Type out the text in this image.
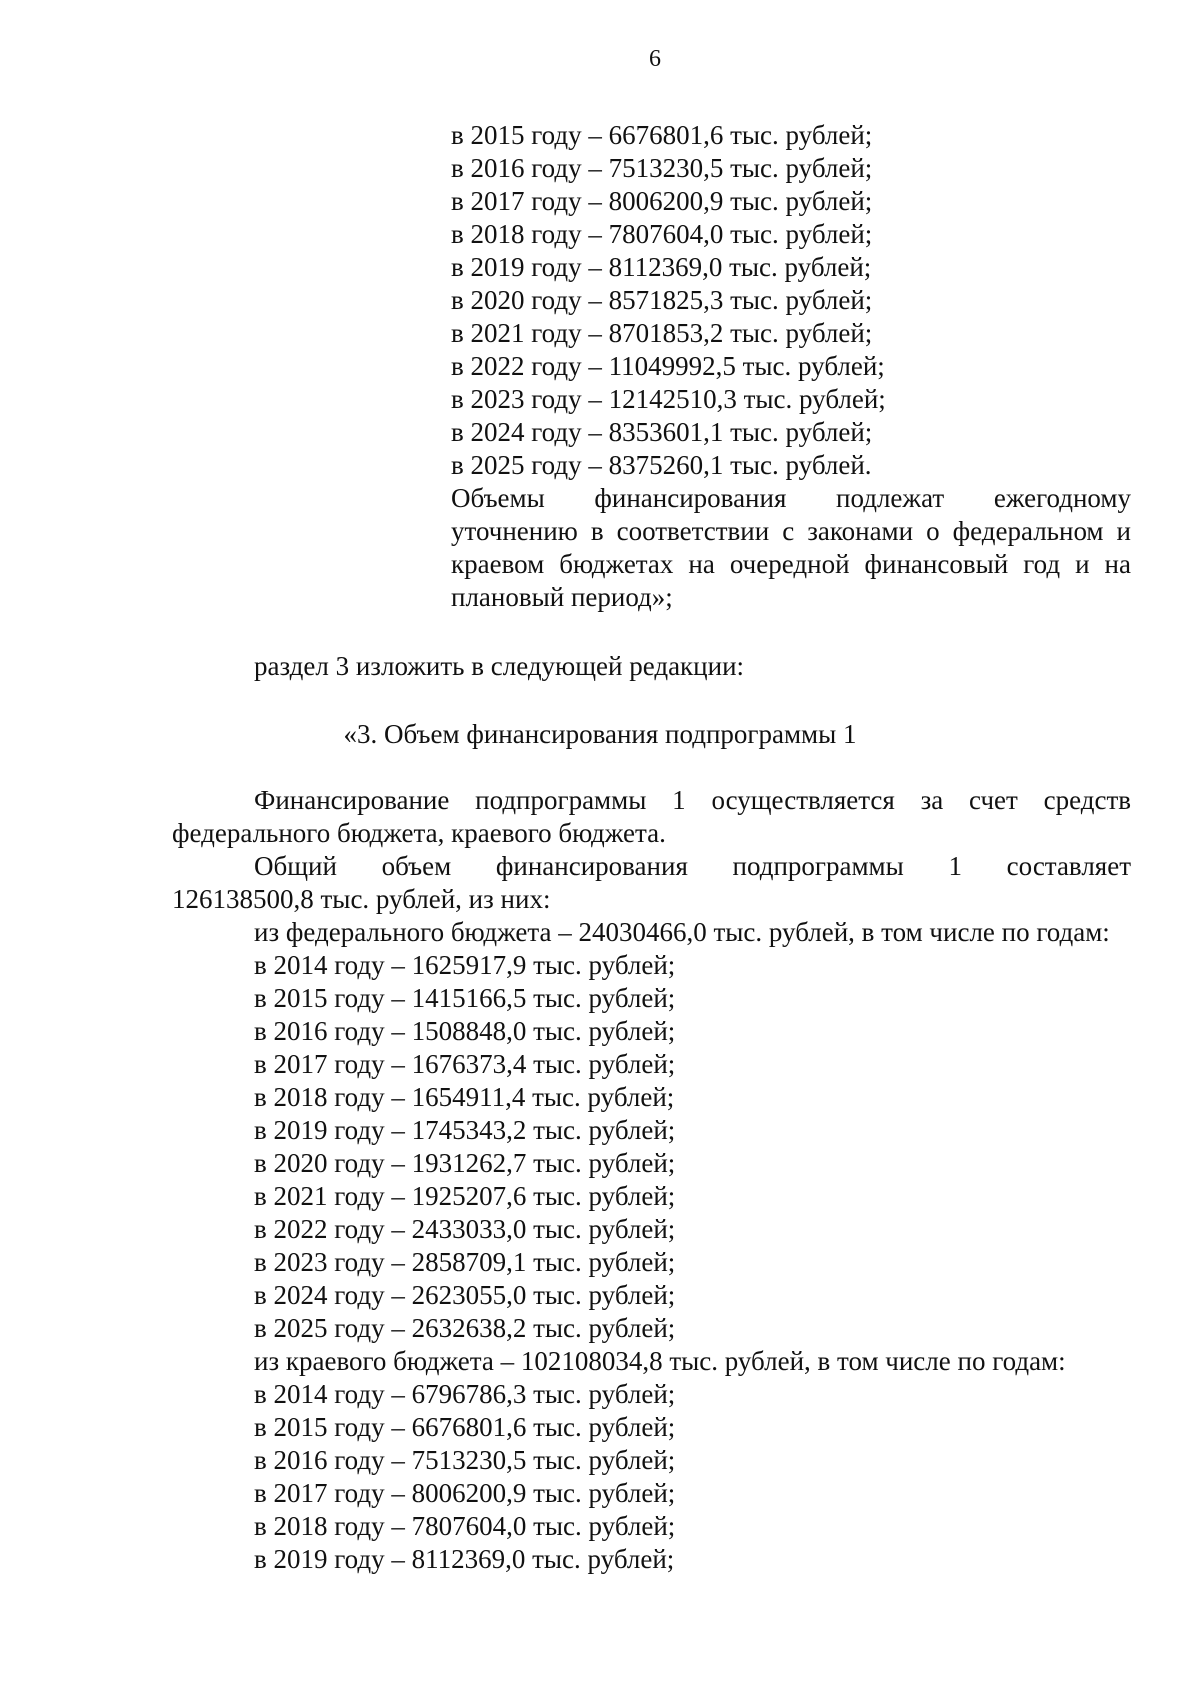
6
в 2015 году – 6676801,6 тыс. рублей;
в 2016 году – 7513230,5 тыс. рублей;
в 2017 году – 8006200,9 тыс. рублей;
в 2018 году – 7807604,0 тыс. рублей;
в 2019 году – 8112369,0 тыс. рублей;
в 2020 году – 8571825,3 тыс. рублей;
в 2021 году – 8701853,2 тыс. рублей;
в 2022 году – 11049992,5 тыс. рублей;
в 2023 году – 12142510,3 тыс. рублей;
в 2024 году – 8353601,1 тыс. рублей;
в 2025 году – 8375260,1 тыс. рублей.
Объемы финансирования подлежат ежегодному уточнению в соответствии с законами о федеральном и краевом бюджетах на очередной финансовый год и на плановый период»;
раздел 3 изложить в следующей редакции:
«3. Объем финансирования подпрограммы 1

Финансирование подпрограммы 1 осуществляется за счет средств федерального бюджета, краевого бюджета.

Общий объем финансирования подпрограммы 1 составляет
126138500,8 тыс. рублей, из них:

из федерального бюджета – 24030466,0 тыс. рублей, в том числе по годам:

в 2014 году – 1625917,9 тыс. рублей;
в 2015 году – 1415166,5 тыс. рублей;
в 2016 году – 1508848,0 тыс. рублей;
в 2017 году – 1676373,4 тыс. рублей;
в 2018 году – 1654911,4 тыс. рублей;
в 2019 году – 1745343,2 тыс. рублей;
в 2020 году – 1931262,7 тыс. рублей;
в 2021 году – 1925207,6 тыс. рублей;
в 2022 году – 2433033,0 тыс. рублей;
в 2023 году – 2858709,1 тыс. рублей;
в 2024 году – 2623055,0 тыс. рублей;
в 2025 году – 2632638,2 тыс. рублей;
из краевого бюджета – 102108034,8 тыс. рублей, в том числе по годам:
в 2014 году – 6796786,3 тыс. рублей;
в 2015 году – 6676801,6 тыс. рублей;
в 2016 году – 7513230,5 тыс. рублей;
в 2017 году – 8006200,9 тыс. рублей;
в 2018 году – 7807604,0 тыс. рублей;
в 2019 году – 8112369,0 тыс. рублей;
